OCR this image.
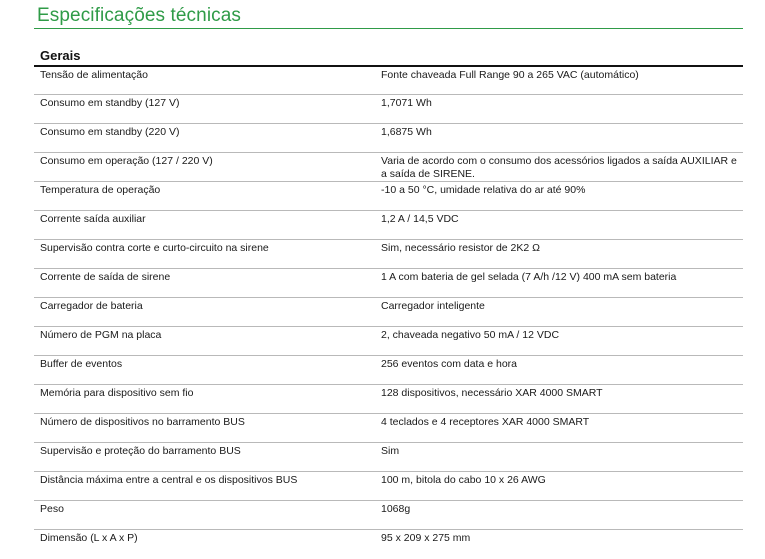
Especificações técnicas
Gerais
Tensão de alimentação	Fonte chaveada Full Range 90 a 265 VAC (automático)
Consumo em standby (127 V)	1,7071 Wh
Consumo em standby (220 V)	1,6875 Wh
Consumo em operação (127 / 220 V)	Varia de acordo com o consumo dos acessórios ligados a saída AUXILIAR e a saída de SIRENE.
Temperatura de operação	-10 a 50 °C, umidade relativa do ar até 90%
Corrente saída auxiliar	1,2 A / 14,5 VDC
Supervisão contra corte e curto-circuito na sirene	Sim, necessário resistor de 2K2 Ω
Corrente de saída de sirene	1 A com bateria de gel selada (7 A/h /12 V) 400 mA sem bateria
Carregador de bateria	Carregador inteligente
Número de PGM na placa	2, chaveada negativo 50 mA / 12 VDC
Buffer de eventos	256 eventos com data e hora
Memória para dispositivo sem fio	128 dispositivos, necessário XAR 4000 SMART
Número de dispositivos no barramento BUS	4 teclados e 4 receptores XAR 4000 SMART
Supervisão e proteção do barramento BUS	Sim
Distância máxima entre a central e os dispositivos BUS	100 m, bitola do cabo 10 x 26 AWG
Peso	1068g
Dimensão (L x A x P)	95 x 209 x 275 mm
